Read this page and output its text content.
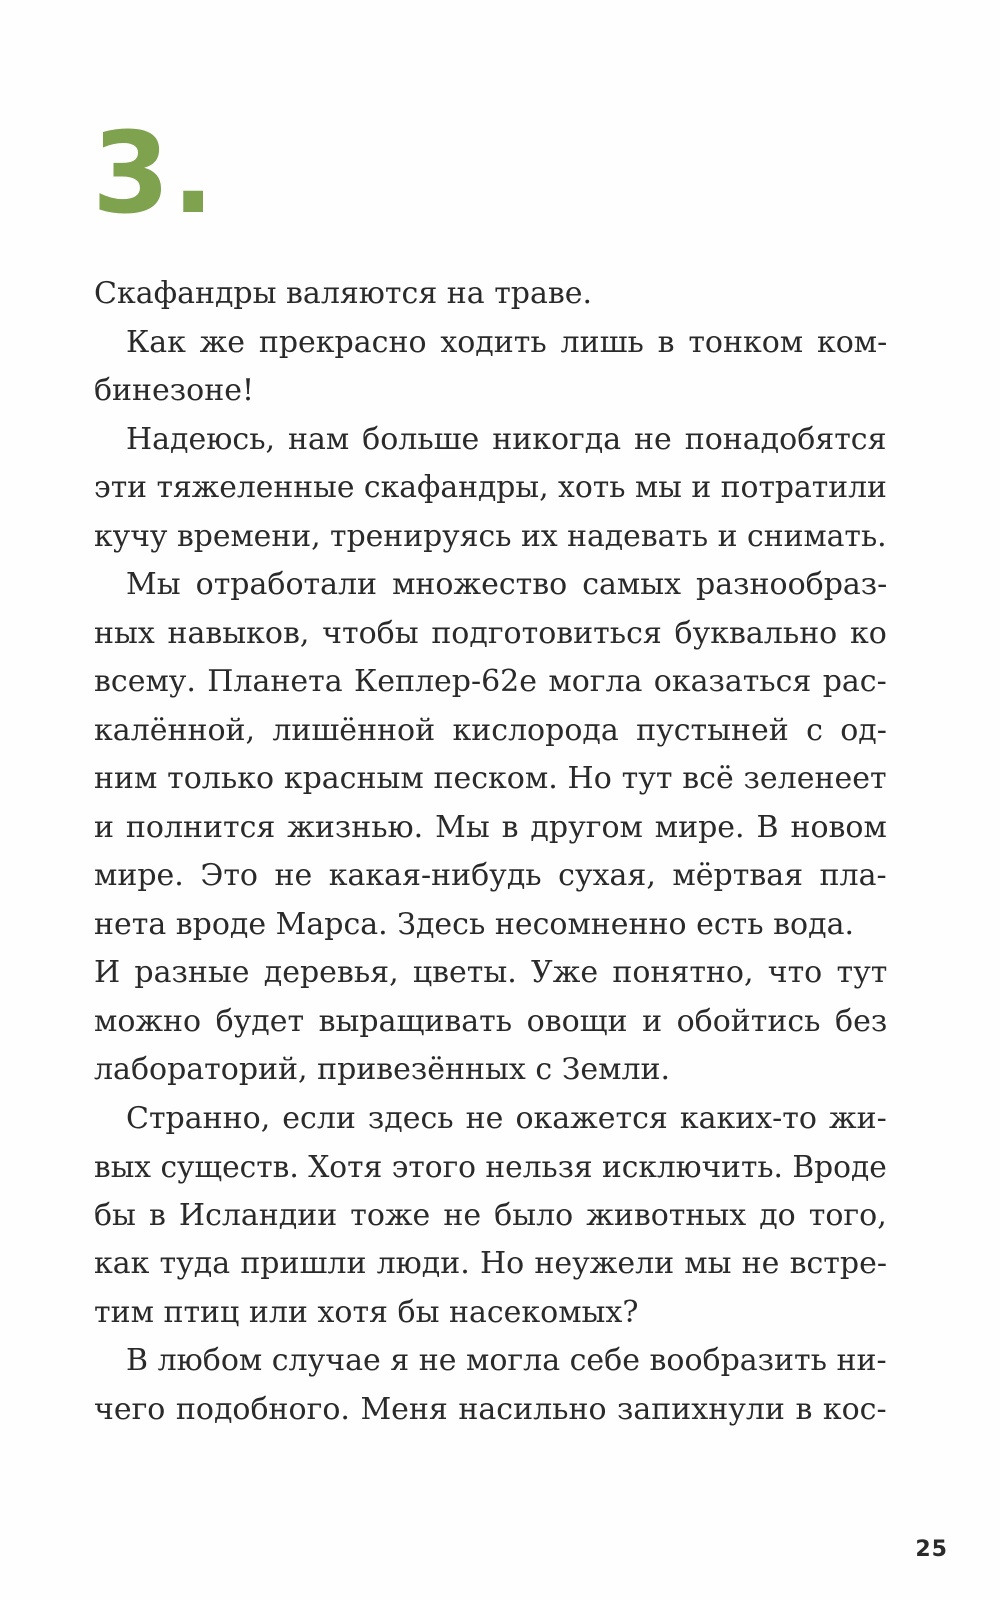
3.
Скафандры валяются на траве.
Как же прекрасно ходить лишь в тонком ком-
бинезоне!
Надеюсь, нам больше никогда не понадобятся
эти тяжеленные скафандры, хоть мы и потратили
кучу времени, тренируясь их надевать и снимать.
Мы отработали множество самых разнообраз-
ных навыков, чтобы подготовиться буквально ко
всему. Планета Кеплер-62е могла оказаться рас-
калённой, лишённой кислорода пустыней с од-
ним только красным песком. Но тут всё зеленеет
и полнится жизнью. Мы в другом мире. В новом
мире. Это не какая-нибудь сухая, мёртвая пла-
нета вроде Марса. Здесь несомненно есть вода.
И разные деревья, цветы. Уже понятно, что тут
можно будет выращивать овощи и обойтись без
лабораторий, привезённых с Земли.
Странно, если здесь не окажется каких-то жи-
вых существ. Хотя этого нельзя исключить. Вроде
бы в Исландии тоже не было животных до того,
как туда пришли люди. Но неужели мы не встре-
тим птиц или хотя бы насекомых?
В любом случае я не могла себе вообразить ни-
чего подобного. Меня насильно запихнули в кос-
25
